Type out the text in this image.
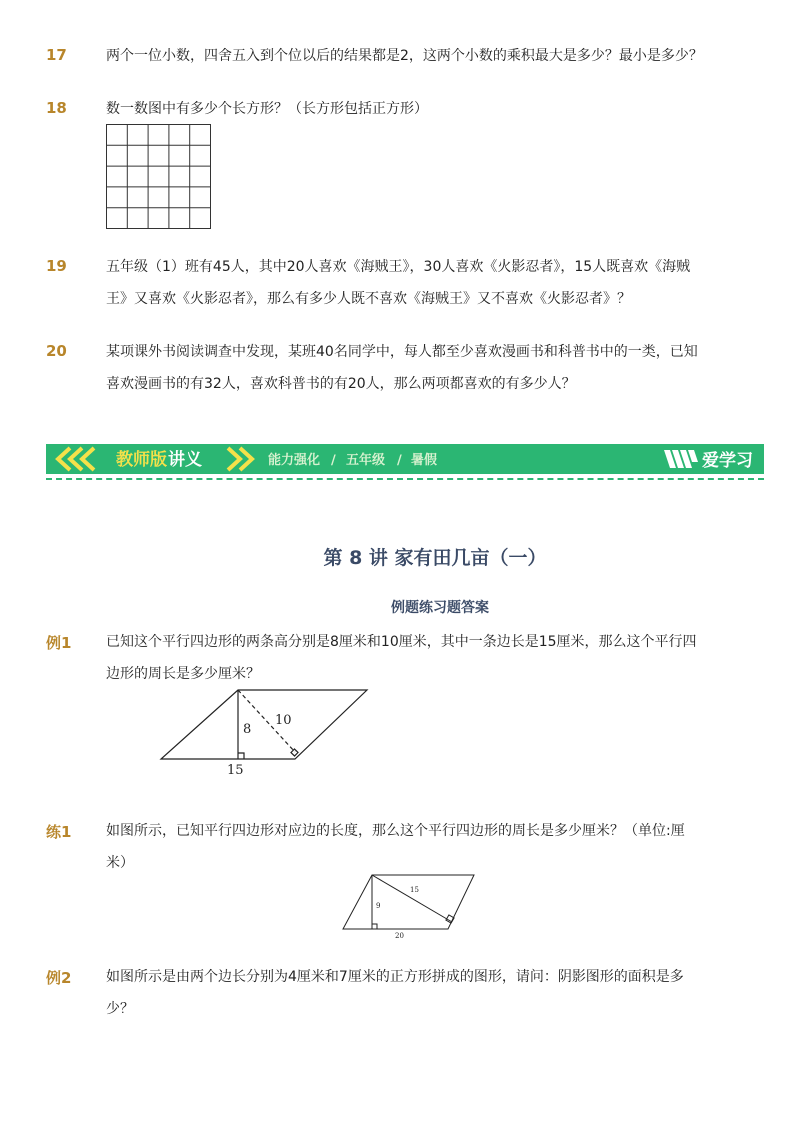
17	两个一位小数，四舍五入到个位以后的结果都是2，这两个小数的乘积最大是多少？最小是多少？
18	数一数图中有多少个长方形？（长方形包括正方形）
19	五年级（1）班有45人，其中20人喜欢《海贼王》，30人喜欢《火影忍者》，15人既喜欢《海贼
王》又喜欢《火影忍者》，那么有多少人既不喜欢《海贼王》又不喜欢《火影忍者》？
20	某项课外书阅读调查中发现，某班40名同学中，每人都至少喜欢漫画书和科普书中的一类，已知
喜欢漫画书的有32人，喜欢科普书的有20人，那么两项都喜欢的有多少人？
教师版 讲义	能力强化 / 五年级 / 暑假	爱学习
第 8 讲 家有田几亩（一）
例题练习题答案
例1 已知这个平行四边形的两条高分别是8厘米和10厘米，其中一条边长是15厘米，那么这个平行四
边形的周长是多少厘米？
8
10
15
练1 如图所示，已知平行四边形对应边的长度，那么这个平行四边形的周长是多少厘米？（单位:厘
米）
9
15
20
例2 如图所示是由两个边长分别为4厘米和7厘米的正方形拼成的图形，请问：阴影图形的面积是多
少？
